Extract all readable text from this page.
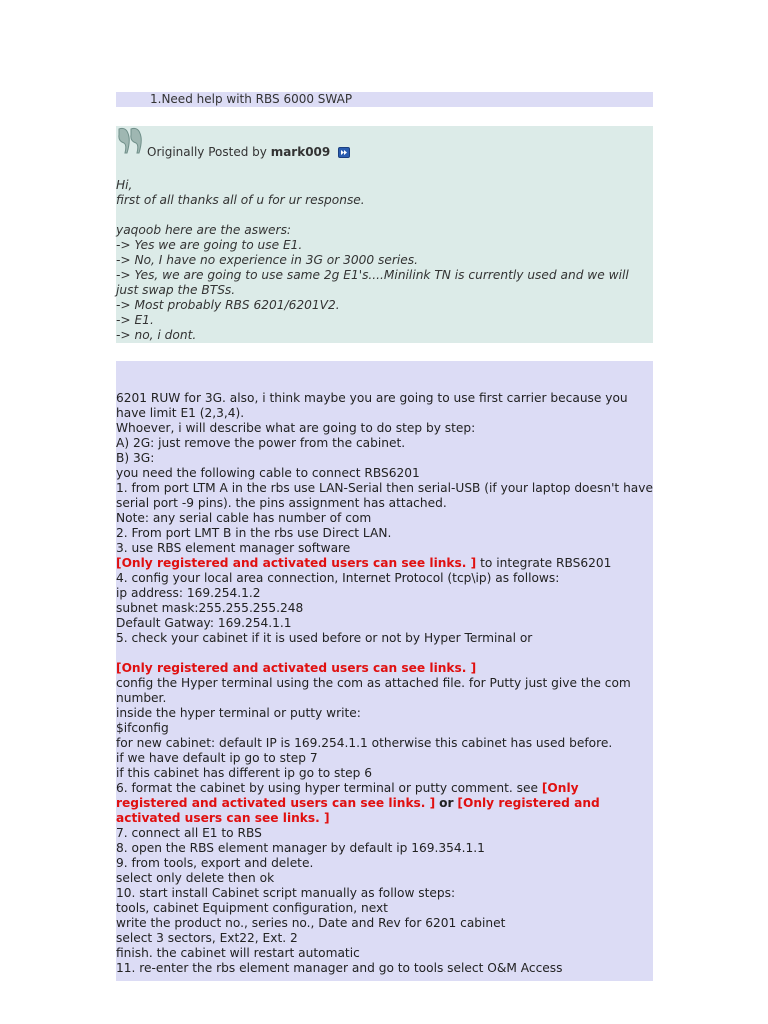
1.Need help with RBS 6000 SWAP
Originally Posted by mark009
Hi,
first of all thanks all of u for ur response.
yaqoob here are the aswers:
-> Yes we are going to use E1.
-> No, I have no experience in 3G or 3000 series.
-> Yes, we are going to use same 2g E1's....Minilink TN is currently used and we will just swap the BTSs.
-> Most probably RBS 6201/6201V2.
-> E1.
-> no, i dont.
6201 RUW for 3G. also, i think maybe you are going to use first carrier because you have limit E1 (2,3,4).
Whoever, i will describe what are going to do step by step:
A) 2G: just remove the power from the cabinet.
B) 3G:
you need the following cable to connect RBS6201
1. from port LTM A in the rbs use LAN-Serial then serial-USB (if your laptop doesn't have serial port -9 pins). the pins assignment has attached.
Note: any serial cable has number of com
2. From port LMT B in the rbs use Direct LAN.
3. use RBS element manager software
[Only registered and activated users can see links. ] to integrate RBS6201
4. config your local area connection, Internet Protocol (tcp\ip) as follows:
ip address: 169.254.1.2
subnet mask:255.255.255.248
Default Gatway: 169.254.1.1
5. check your cabinet if it is used before or not by Hyper Terminal or
[Only registered and activated users can see links. ]
config the Hyper terminal using the com as attached file. for Putty just give the com number.
inside the hyper terminal or putty write:
$ifconfig
for new cabinet: default IP is 169.254.1.1 otherwise this cabinet has used before.
if we have default ip go to step 7
if this cabinet has different ip go to step 6
6. format the cabinet by using hyper terminal or putty comment. see [Only registered and activated users can see links. ] or [Only registered and activated users can see links. ]
7. connect all E1 to RBS
8. open the RBS element manager by default ip 169.354.1.1
9. from tools, export and delete.
select only delete then ok
10. start install Cabinet script manually as follow steps:
tools, cabinet Equipment configuration, next
write the product no., series no., Date and Rev for 6201 cabinet
select 3 sectors, Ext22, Ext. 2
finish. the cabinet will restart automatic
11. re-enter the rbs element manager and go to tools select O&M Access
